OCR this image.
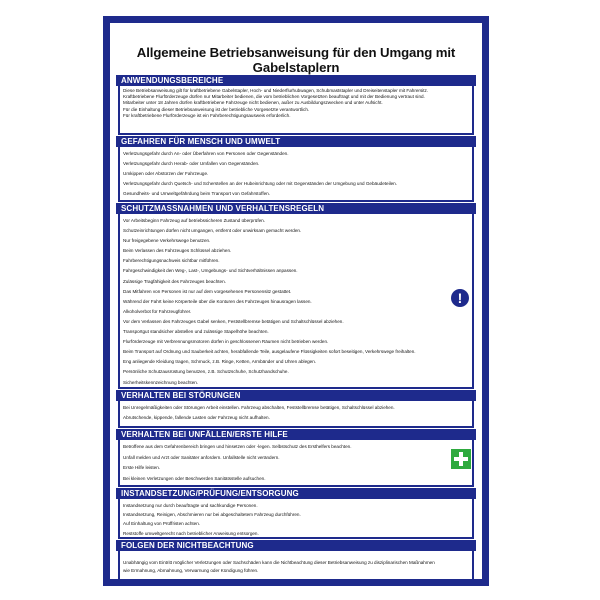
Allgemeine Betriebsanweisung für den Umgang mit Gabelstaplern
ANWENDUNGSBEREICHE
Diese Betriebsanweisung gilt für kraftbetriebene Gabelstapler, Hoch- und Niederflurhubwagen, Schubmaststapler und Dreiseitenstapler mit Fahrersitz.
Kraftbetriebene Flurförderzeuge dürfen nur Mitarbeiter bedienen, die vom betrieblichen Vorgesetzten beauftragt und mit der Bedienung vertraut sind.
Mitarbeiter unter 18 Jahren dürfen kraftbetriebene Fahrzeuge nicht bedienen, außer zu Ausbildungszwecken und unter Aufsicht.
Für die Einhaltung dieser Betriebsanweisung ist der betriebliche Vorgesetzte verantwortlich.
Für kraftbetriebene Flurförderzeuge ist ein Fahrberechtigungsausweis erforderlich.
GEFAHREN FÜR MENSCH UND UMWELT
Verletzungsgefahr durch An- oder Überfahren von Personen oder Gegenständen.
Verletzungsgefahr durch Herab- oder Umfallen von Gegenständen.
Umkippen oder Abstürzen der Fahrzeuge.
Verletzungsgefahr durch Quetsch- und Scherstellen an der Hubeinrichtung oder mit Gegenständen der Umgebung und Gebäudeteilen.
Gesundheits- und Umweltgefährdung beim Transport von Gefahrstoffen.
SCHUTZMASSNAHMEN UND VERHALTENSREGELN
Vor Arbeitsbeginn Fahrzeug auf betriebssicheren Zustand überprüfen.
Schutzeinrichtungen dürfen nicht umgangen, entfernt oder unwirksam gemacht werden.
Nur freigegebene Verkehrswege benutzen.
Beim Verlassen des Fahrzeuges Schlüssel abziehen.
Fahrberechtigungsnachweis sichtbar mitführen.
Fahrgeschwindigkeit den Weg-, Last-, Umgebungs- und Sichtverhältnissen anpassen.
Zulässige Tragfähigkeit des Fahrzeuges beachten.
Das Mitfahren von Personen ist nur auf dem vorgesehenen Personensitz gestattet.
Während der Fahrt keine Körperteile über die Konturen des Fahrzeuges hinausragen lassen.
Alkoholverbot für Fahrzeugführer.
Vor dem Verlassen des Fahrzeuges Gabel senken, Feststellbremse betätigen und Schaltschlüssel abziehen.
Transportgut standsicher abstellen und zulässige Stapelhöhe beachten.
Flurförderzeuge mit Verbrennungsmotoren dürfen in geschlossenen Räumen nicht betrieben werden.
Beim Transport auf Ordnung und Sauberkeit achten, herabfallende Teile, ausgelaufene Flüssigkeiten sofort beseitigen, Verkehrswege freihalten.
Eng anliegende Kleidung tragen, Schmuck, z.B. Ringe, Ketten, Armbänder und Uhren ablegen.
Persönliche Schutzausrüstung benutzen, z.B. Schutzschuhe, Schutzhandschuhe.
Sicherheitskennzeichnung beachten.
!
VERHALTEN BEI STÖRUNGEN
Bei Unregelmäßigkeiten oder Störungen Arbeit einstellen. Fahrzeug abschalten, Feststellbremse betätigen, Schaltschlüssel abziehen.
Abrutschende, kippende, fallende Lasten oder Fahrzeug nicht aufhalten.
VERHALTEN BEI UNFÄLLEN/ERSTE HILFE
Betroffene aus dem Gefahrenbereich bringen und hinsetzen oder -legen. Selbstschutz des Ersthelfers beachten.
Unfall melden und Arzt oder Sanitäter anfordern. Unfallstelle nicht verändern.
Erste Hilfe leisten.
Bei kleinen Verletzungen oder Beschwerden Sanitätsstelle aufsuchen.
INSTANDSETZUNG/PRÜFUNG/ENTSORGUNG
Instandsetzung nur durch beauftragte und sachkundige Personen.
Instandsetzung, Reinigen, Abschmieren nur bei abgeschaltetem Fahrzeug durchführen.
Auf Einhaltung von Prüffristen achten.
Reststoffe umweltgerecht nach betrieblicher Anweisung entsorgen.
FOLGEN DER NICHTBEACHTUNG
Unabhängig vom Eintritt möglicher Verletzungen oder Sachschäden kann die Nichtbeachtung dieser Betriebsanweisung zu disziplinarischen Maßnahmen
wie Ermahnung, Abmahnung, Verwarnung oder Kündigung führen.
